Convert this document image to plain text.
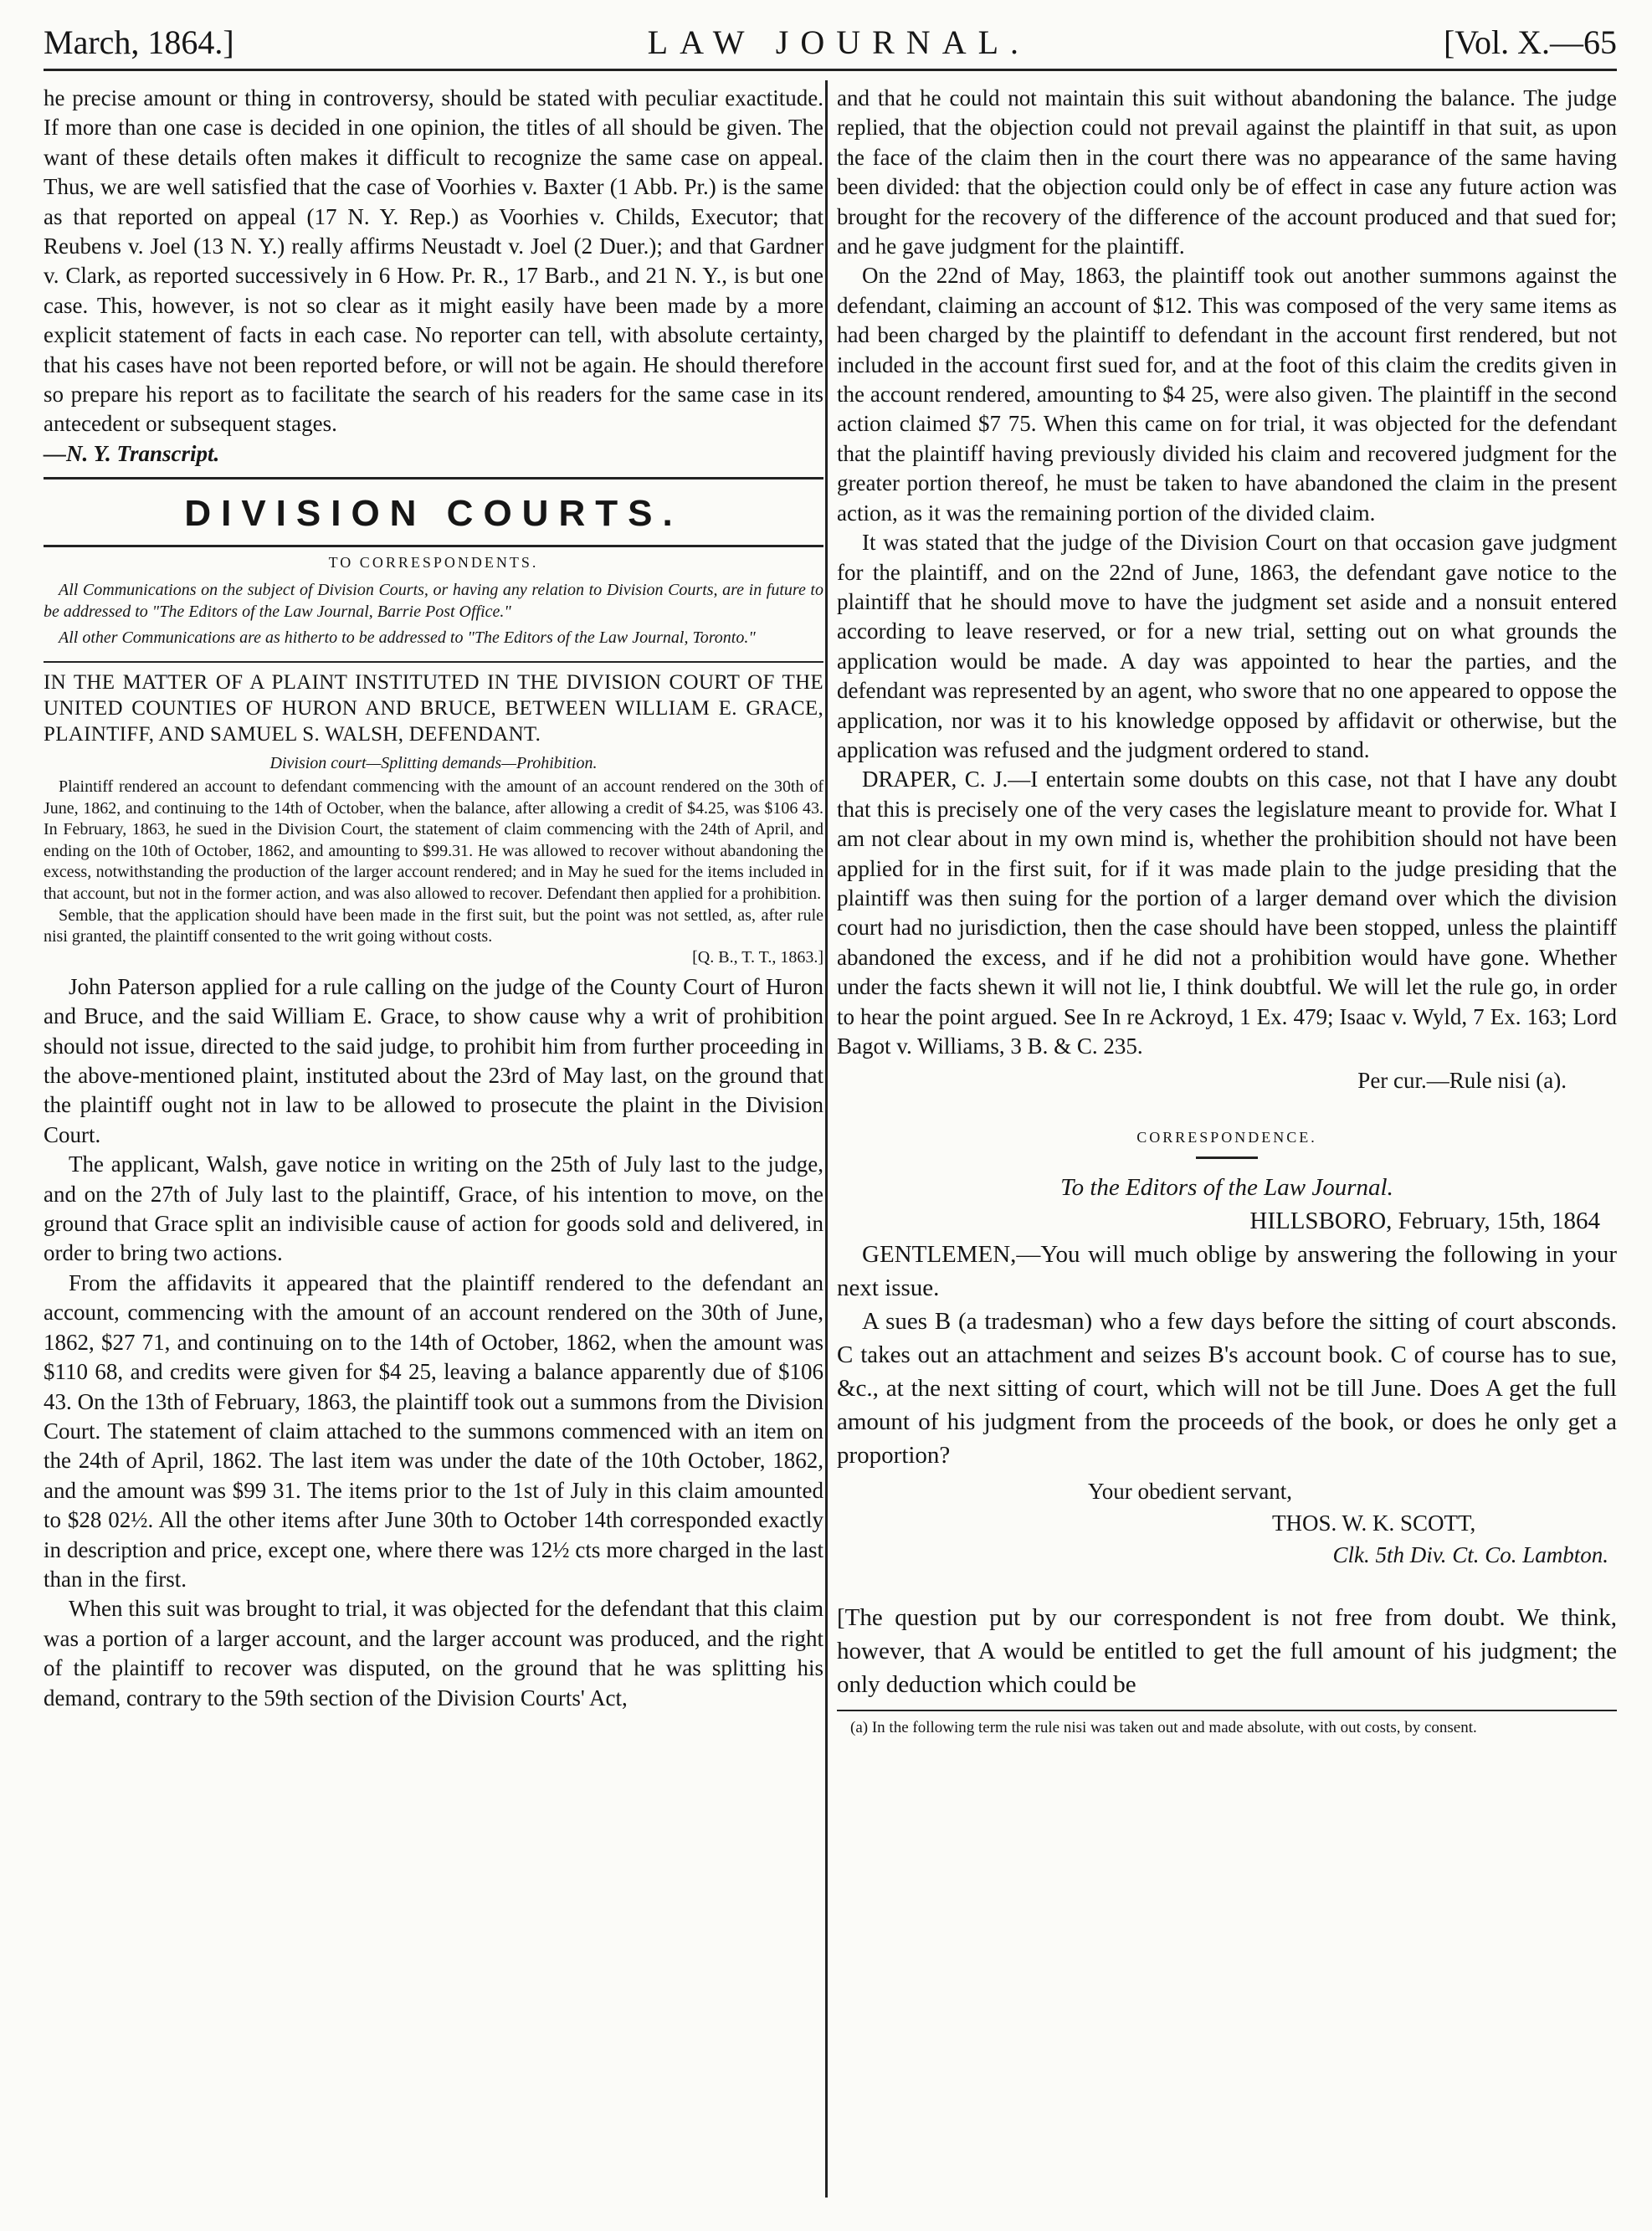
March, 1864.]	LAW JOURNAL.	[Vol. X.—65

he precise amount or thing in controversy, should be stated with peculiar exactitude. If more than one case is decided in one opinion, the titles of all should be given. The want of these details often makes it difficult to recognize the same case on appeal. Thus, we are well satisfied that the case of Voorhies v. Baxter (1 Abb. Pr.) is the same as that reported on appeal (17 N. Y. Rep.) as Voorhies v. Childs, Executor; that Reubens v. Joel (13 N. Y.) really affirms Neustadt v. Joel (2 Duer.); and that Gardner v. Clark, as reported successively in 6 How. Pr. R., 17 Barb., and 21 N. Y., is but one case. This, however, is not so clear as it might easily have been made by a more explicit statement of facts in each case. No reporter can tell, with absolute certainty, that his cases have not been reported before, or will not be again. He should therefore so prepare his report as to facilitate the search of his readers for the same case in its antecedent or subsequent stages.

—N. Y. Transcript.

DIVISION COURTS.
TO CORRESPONDENTS.

All Communications on the subject of Division Courts, or having any relation to Division Courts, are in future to be addressed to "The Editors of the Law Journal, Barrie Post Office."

All other Communications are as hitherto to be addressed to "The Editors of the Law Journal, Toronto."

IN THE MATTER OF A PLAINT INSTITUTED IN THE DIVISION COURT OF THE UNITED COUNTIES OF HURON AND BRUCE, BETWEEN WILLIAM E. GRACE, PLAINTIFF, AND SAMUEL S. WALSH, DEFENDANT.

Division court—Splitting demands—Prohibition.

Plaintiff rendered an account to defendant commencing with the amount of an account rendered on the 30th of June, 1862, and continuing to the 14th of October, when the balance, after allowing a credit of $4.25, was $106 43. In February, 1863, he sued in the Division Court, the statement of claim commencing with the 24th of April, and ending on the 10th of October, 1862, and amounting to $99.31. He was allowed to recover without abandoning the excess, notwithstanding the production of the larger account rendered; and in May he sued for the items included in that account, but not in the former action, and was also allowed to recover. Defendant then applied for a prohibition.

Semble, that the application should have been made in the first suit, but the point was not settled, as, after rule nisi granted, the plaintiff consented to the writ going without costs.

[Q. B., T. T., 1863.]

John Paterson applied for a rule calling on the judge of the County Court of Huron and Bruce, and the said William E. Grace, to show cause why a writ of prohibition should not issue, directed to the said judge, to prohibit him from further proceeding in the above-mentioned plaint, instituted about the 23rd of May last, on the ground that the plaintiff ought not in law to be allowed to prosecute the plaint in the Division Court.

The applicant, Walsh, gave notice in writing on the 25th of July last to the judge, and on the 27th of July last to the plaintiff, Grace, of his intention to move, on the ground that Grace split an indivisible cause of action for goods sold and delivered, in order to bring two actions.

From the affidavits it appeared that the plaintiff rendered to the defendant an account, commencing with the amount of an account rendered on the 30th of June, 1862, $27 71, and continuing on to the 14th of October, 1862, when the amount was $110 68, and credits were given for $4 25, leaving a balance apparently due of $106 43. On the 13th of February, 1863, the plaintiff took out a summons from the Division Court. The statement of claim attached to the summons commenced with an item on the 24th of April, 1862. The last item was under the date of the 10th October, 1862, and the amount was $99 31. The items prior to the 1st of July in this claim amounted to $28 02½. All the other items after June 30th to October 14th corresponded exactly in description and price, except one, where there was 12½ cts more charged in the last than in the first.

When this suit was brought to trial, it was objected for the defendant that this claim was a portion of a larger account, and the larger account was produced, and the right of the plaintiff to recover was disputed, on the ground that he was splitting his demand, contrary to the 59th section of the Division Courts' Act,

and that he could not maintain this suit without abandoning the balance. The judge replied, that the objection could not prevail against the plaintiff in that suit, as upon the face of the claim then in the court there was no appearance of the same having been divided: that the objection could only be of effect in case any future action was brought for the recovery of the difference of the account produced and that sued for; and he gave judgment for the plaintiff.

On the 22nd of May, 1863, the plaintiff took out another summons against the defendant, claiming an account of $12. This was composed of the very same items as had been charged by the plaintiff to defendant in the account first rendered, but not included in the account first sued for, and at the foot of this claim the credits given in the account rendered, amounting to $4 25, were also given. The plaintiff in the second action claimed $7 75. When this came on for trial, it was objected for the defendant that the plaintiff having previously divided his claim and recovered judgment for the greater portion thereof, he must be taken to have abandoned the claim in the present action, as it was the remaining portion of the divided claim.

It was stated that the judge of the Division Court on that occasion gave judgment for the plaintiff, and on the 22nd of June, 1863, the defendant gave notice to the plaintiff that he should move to have the judgment set aside and a nonsuit entered according to leave reserved, or for a new trial, setting out on what grounds the application would be made. A day was appointed to hear the parties, and the defendant was represented by an agent, who swore that no one appeared to oppose the application, nor was it to his knowledge opposed by affidavit or otherwise, but the application was refused and the judgment ordered to stand.

DRAPER, C. J.—I entertain some doubts on this case, not that I have any doubt that this is precisely one of the very cases the legislature meant to provide for. What I am not clear about in my own mind is, whether the prohibition should not have been applied for in the first suit, for if it was made plain to the judge presiding that the plaintiff was then suing for the portion of a larger demand over which the division court had no jurisdiction, then the case should have been stopped, unless the plaintiff abandoned the excess, and if he did not a prohibition would have gone. Whether under the facts shewn it will not lie, I think doubtful. We will let the rule go, in order to hear the point argued. See In re Ackroyd, 1 Ex. 479; Isaac v. Wyld, 7 Ex. 163; Lord Bagot v. Williams, 3 B. & C. 235.

Per cur.—Rule nisi (a).
CORRESPONDENCE.
To the Editors of the Law Journal.
HILLSBORO, February, 15th, 1864

GENTLEMEN,—You will much oblige by answering the following in your next issue.

A sues B (a tradesman) who a few days before the sitting of court absconds. C takes out an attachment and seizes B's account book. C of course has to sue, &c., at the next sitting of court, which will not be till June. Does A get the full amount of his judgment from the proceeds of the book, or does he only get a proportion?

Your obedient servant,
THOS. W. K. SCOTT,
Clk. 5th Div. Ct. Co. Lambton.

[The question put by our correspondent is not free from doubt. We think, however, that A would be entitled to get the full amount of his judgment; the only deduction which could be

(a) In the following term the rule nisi was taken out and made absolute, with out costs, by consent.
